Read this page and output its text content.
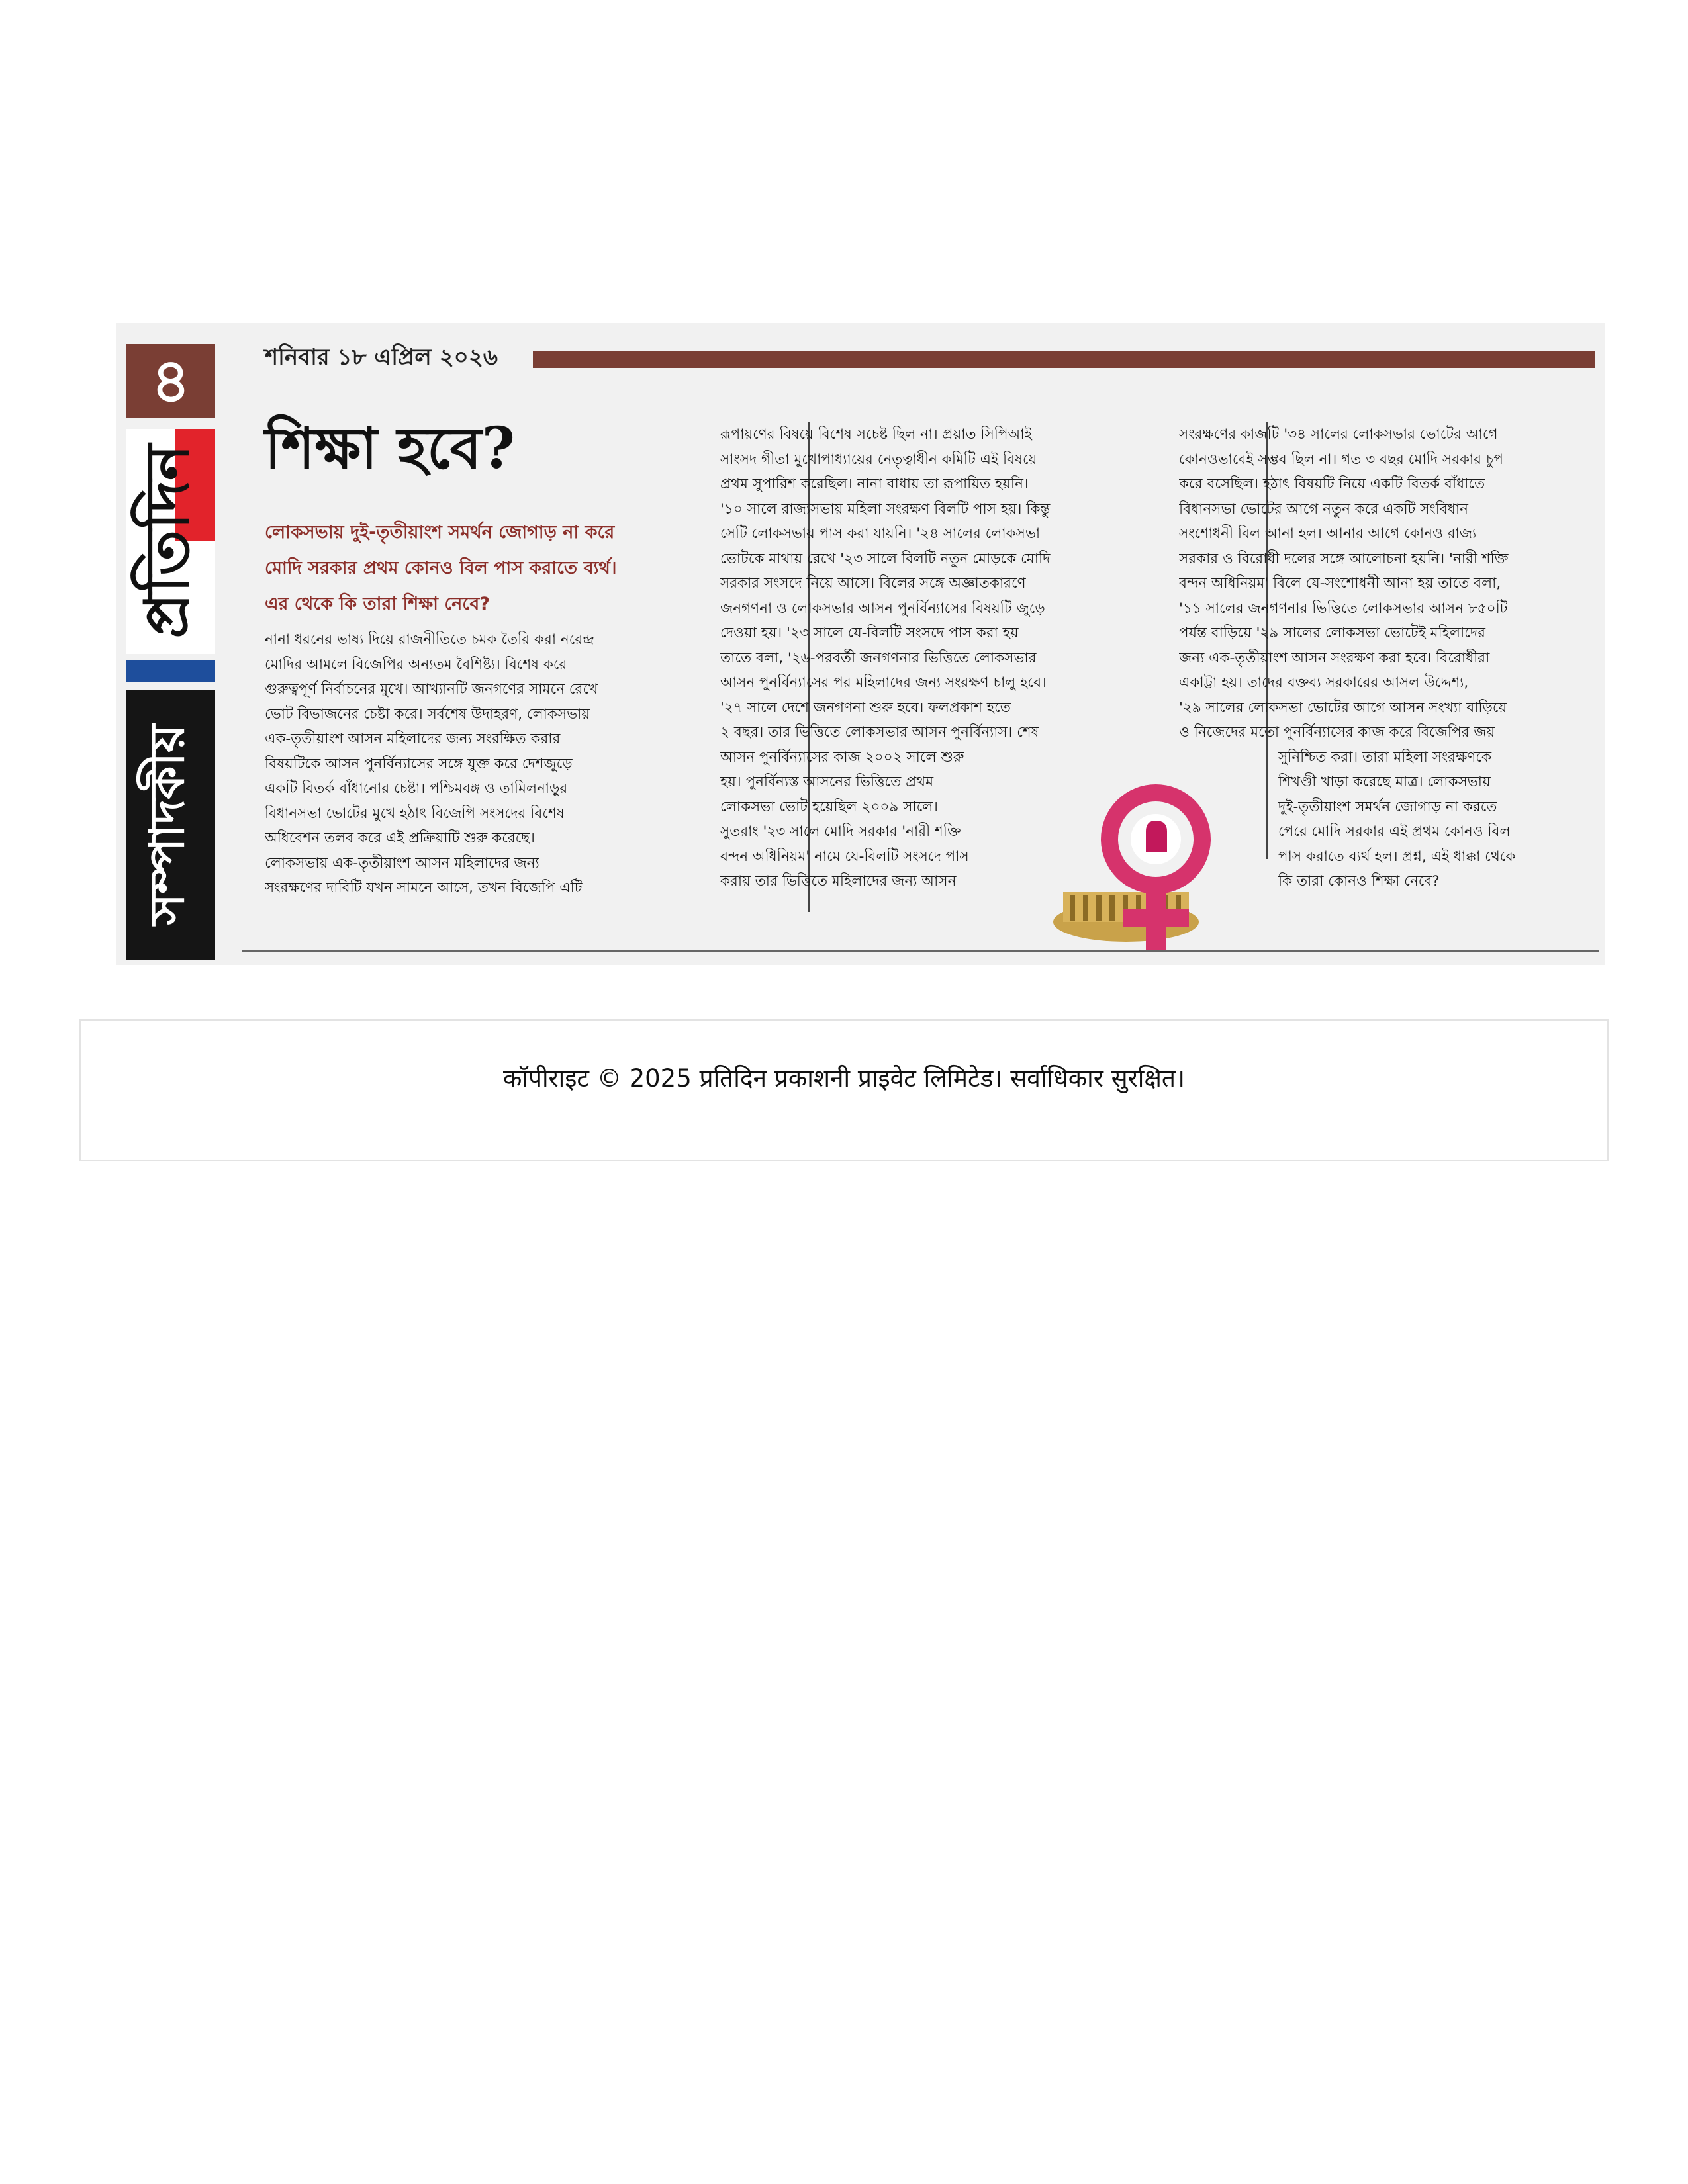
৪
প্রতিদিন
সম্পাদকীয়
শনিবার ১৮ এপ্রিল ২০২৬
শিক্ষা হবে?
লোকসভায় দুই-তৃতীয়াংশ সমর্থন জোগাড় না করে
মোদি সরকার প্রথম কোনও বিল পাস করাতে ব্যর্থ।
এর থেকে কি তারা শিক্ষা নেবে?
নানা ধরনের ভাষ্য দিয়ে রাজনীতিতে চমক তৈরি করা নরেন্দ্র
মোদির আমলে বিজেপির অন্যতম বৈশিষ্ট্য। বিশেষ করে
গুরুত্বপূর্ণ নির্বাচনের মুখে। আখ্যানটি জনগণের সামনে রেখে
ভোট বিভাজনের চেষ্টা করে। সর্বশেষ উদাহরণ, লোকসভায়
এক-তৃতীয়াংশ আসন মহিলাদের জন্য সংরক্ষিত করার
বিষয়টিকে আসন পুনর্বিন্যাসের সঙ্গে যুক্ত করে দেশজুড়ে
একটি বিতর্ক বাঁধানোর চেষ্টা। পশ্চিমবঙ্গ ও তামিলনাড়ুর
বিধানসভা ভোটের মুখে হঠাৎ বিজেপি সংসদের বিশেষ
অধিবেশন তলব করে এই প্রক্রিয়াটি শুরু করেছে।
লোকসভায় এক-তৃতীয়াংশ আসন মহিলাদের জন্য
সংরক্ষণের দাবিটি যখন সামনে আসে, তখন বিজেপি এটি
রূপায়ণের বিষয়ে বিশেষ সচেষ্ট ছিল না। প্রয়াত সিপিআই
সাংসদ গীতা মুখোপাধ্যায়ের নেতৃত্বাধীন কমিটি এই বিষয়ে
প্রথম সুপারিশ করেছিল। নানা বাধায় তা রূপায়িত হয়নি।
'১০ সালে রাজ্যসভায় মহিলা সংরক্ষণ বিলটি পাস হয়। কিন্তু
সেটি লোকসভায় পাস করা যায়নি। '২৪ সালের লোকসভা
ভোটকে মাথায় রেখে '২৩ সালে বিলটি নতুন মোড়কে মোদি
সরকার সংসদে নিয়ে আসে। বিলের সঙ্গে অজ্ঞাতকারণে
জনগণনা ও লোকসভার আসন পুনর্বিন্যাসের বিষয়টি জুড়ে
দেওয়া হয়। '২৩ সালে যে-বিলটি সংসদে পাস করা হয়
তাতে বলা, '২৬-পরবর্তী জনগণনার ভিত্তিতে লোকসভার
আসন পুনর্বিন্যাসের পর মহিলাদের জন্য সংরক্ষণ চালু হবে।
'২৭ সালে দেশে জনগণনা শুরু হবে। ফলপ্রকাশ হতে
২ বছর। তার ভিত্তিতে লোকসভার আসন পুনর্বিন্যাস। শেষ
আসন পুনর্বিন্যাসের কাজ ২০০২ সালে শুরু
হয়। পুনর্বিন্যস্ত আসনের ভিত্তিতে প্রথম
লোকসভা ভোট হয়েছিল ২০০৯ সালে।
সুতরাং '২৩ সালে মোদি সরকার 'নারী শক্তি
বন্দন অধিনিয়ম' নামে যে-বিলটি সংসদে পাস
করায় তার ভিত্তিতে মহিলাদের জন্য আসন
সংরক্ষণের কাজটি '৩৪ সালের লোকসভার ভোটের আগে
কোনওভাবেই সম্ভব ছিল না। গত ৩ বছর মোদি সরকার চুপ
করে বসেছিল। হঠাৎ বিষয়টি নিয়ে একটি বিতর্ক বাঁধাতে
বিধানসভা ভোটের আগে নতুন করে একটি সংবিধান
সংশোধনী বিল আনা হল। আনার আগে কোনও রাজ্য
সরকার ও বিরোধী দলের সঙ্গে আলোচনা হয়নি। 'নারী শক্তি
বন্দন অধিনিয়ম' বিলে যে-সংশোধনী আনা হয় তাতে বলা,
'১১ সালের জনগণনার ভিত্তিতে লোকসভার আসন ৮৫০টি
পর্যন্ত বাড়িয়ে '২৯ সালের লোকসভা ভোটেই মহিলাদের
জন্য এক-তৃতীয়াংশ আসন সংরক্ষণ করা হবে। বিরোধীরা
একাট্টা হয়। তাদের বক্তব্য সরকারের আসল উদ্দেশ্য,
'২৯ সালের লোকসভা ভোটের আগে আসন সংখ্যা বাড়িয়ে
ও নিজেদের মতো পুনর্বিন্যাসের কাজ করে বিজেপির জয়
সুনিশ্চিত করা। তারা মহিলা সংরক্ষণকে
শিখণ্ডী খাড়া করেছে মাত্র। লোকসভায়
দুই-তৃতীয়াংশ সমর্থন জোগাড় না করতে
পেরে মোদি সরকার এই প্রথম কোনও বিল
পাস করাতে ব্যর্থ হল। প্রশ্ন, এই ধাক্কা থেকে
কি তারা কোনও শিক্ষা নেবে?

कॉपीराइट © 2025 प्रतिदिन प्रकाशनी प्राइवेट लिमिटेड। सर्वाधिकार सुरक्षित।
